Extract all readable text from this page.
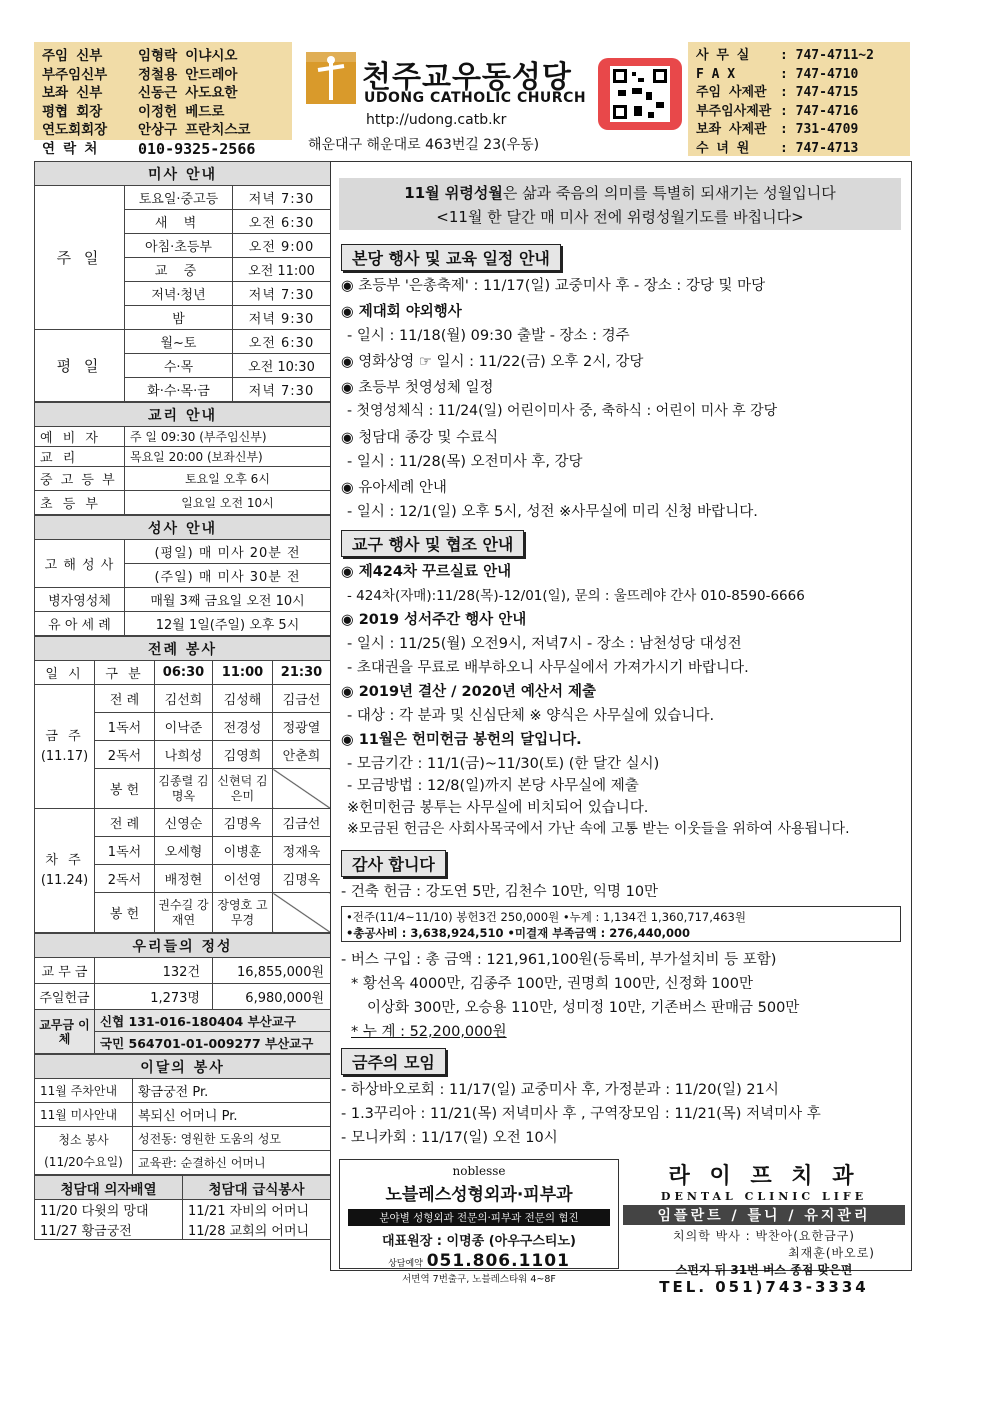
주임 신부	임형락 이냐시오
부주임신부	정철용 안드레아
보좌 신부	신동근 사도요한
평협 회장	이정헌 베드로
연도회회장	안상구 프란치스코
연 락 처	010-9325-2566
천주교우동성당
UDONG CATHOLIC CHURCH
http://udong.catb.kr
해운대구 해운대로 463번길 23(우동)
사 무 실	: 747-4711~2
F A X	: 747-4710
주임 사제관	: 747-4715
부주임사제관 : 747-4716
보좌 사제관	: 731-4709
수 녀 원	: 747-4713
미사 안내		
주 일	토요일·중고등	저녁 7:30
	새 벽	오전 6:30
	아침·초등부	오전 9:00
	교 중	오전 11:00
	저녁·청년	저녁 7:30
	밤	저녁 9:30
평 일	월~토	오전 6:30
	수·목	오전 10:30
	화·수·목·금	저녁 7:30
교리 안내	
예 비 자	주 일 09:30 (부주임신부)
교 리	목요일 20:00 (보좌신부)
중 고 등 부	토요일 오후 6시
초 등 부	일요일 오전 10시
성사 안내	
고 해 성 사	(평일) 매 미사 20분 전
	(주일) 매 미사 30분 전
병자영성체	매월 3째 금요일 오전 10시
유 아 세 례	12월 1일(주일) 오후 5시
전례 봉사				
일 시	구 분	06:30	11:00	21:30
금 주
(11.17)	전 례	김선희	김성해	김금선
	1독서	이낙준	전경성	정광열
	2독서	나희성	김영희	안춘희
	봉 헌	김종렬 김명옥	신현덕 김은미	
차 주
(11.24)	전 례	신영순	김명옥	김금선
	1독서	오세형	이병훈	정재욱
	2독서	배정현	이선영	김명옥
	봉 헌	권수길 강재연	장영호 고무경	
우리들의 정성		
교 무 금	132건	16,855,000원
주일헌금	1,273명	6,980,000원
교무금 이 체	신협 131-016-180404 부산교구	
	국민 564701-01-009277 부산교구	
이달의 봉사	
11월 주차안내	황금궁전 Pr.
11월 미사안내	복되신 어머니 Pr.
청소 봉사 (11/20수요일)	성전동: 영원한 도움의 성모
	교육관: 순결하신 어머니
청담대 의자배열	청담대 급식봉사
11/20 다윗의 망대	11/21 자비의 어머니
11/27 황금궁전	11/28 교회의 어머니
11월 위령성월은 삶과 죽음의 의미를 특별히 되새기는 성월입니다
<11월 한 달간 매 미사 전에 위령성월기도를 바칩니다>
본당 행사 및 교육 일정 안내
◉ 초등부 '은총축제' : 11/17(일) 교중미사 후 - 장소 : 강당 및 마당
◉ 제대회 야외행사
- 일시 : 11/18(월) 09:30 출발 - 장소 : 경주
◉ 영화상영 ☞ 일시 : 11/22(금) 오후 2시, 강당
◉ 초등부 첫영성체 일정
- 첫영성체식 : 11/24(일) 어린이미사 중, 축하식 : 어린이 미사 후 강당
◉ 청담대 종강 및 수료식
- 일시 : 11/28(목) 오전미사 후, 강당
◉ 유아세례 안내
- 일시 : 12/1(일) 오후 5시, 성전 ※사무실에 미리 신청 바랍니다.
교구 행사 및 협조 안내
◉ 제424차 꾸르실료 안내
- 424차(자매):11/28(목)-12/01(일), 문의 : 울뜨레야 간사 010-8590-6666
◉ 2019 성서주간 행사 안내
- 일시 : 11/25(월) 오전9시, 저녁7시 - 장소 : 남천성당 대성전
- 초대권을 무료로 배부하오니 사무실에서 가져가시기 바랍니다.
◉ 2019년 결산 / 2020년 예산서 제출
- 대상 : 각 분과 및 신심단체 ※ 양식은 사무실에 있습니다.
◉ 11월은 헌미헌금 봉헌의 달입니다.
- 모금기간 : 11/1(금)~11/30(토) (한 달간 실시)
- 모금방법 : 12/8(일)까지 본당 사무실에 제출
※헌미헌금 봉투는 사무실에 비치되어 있습니다.
※모금된 헌금은 사회사목국에서 가난 속에 고통 받는 이웃들을 위하여 사용됩니다.
감사 합니다
- 건축 헌금 : 강도연 5만, 김천수 10만, 익명 10만
•전주(11/4~11/10) 봉헌3건 250,000원 •누계 : 1,134건 1,360,717,463원
•총공사비 : 3,638,924,510 •미결재 부족금액 : 276,440,000
- 버스 구입 : 총 금액 : 121,961,100원(등록비, 부가설치비 등 포함)
* 황선옥 4000만, 김종주 100만, 권명희 100만, 신정화 100만
이상화 300만, 오승용 110만, 성미정 10만, 기존버스 판매금 500만
* 누 계 : 52,200,000원
금주의 모임
- 하상바오로회 : 11/17(일) 교중미사 후, 가정분과 : 11/20(일) 21시
- 1.3꾸리아 : 11/21(목) 저녁미사 후 , 구역장모임 : 11/21(목) 저녁미사 후
- 모니카회 : 11/17(일) 오전 10시
noblesse
노블레스성형외과·피부과
분야별 성형외과 전문의·피부과 전문의 협진
대표원장 : 이명종 (아우구스티노)
상담예약 051.806.1101
서면역 7번출구, 노블레스타워 4~8F
라 이 프 치 과
DENTAL CLINIC LIFE
임플란트 / 틀니 / 유지관리
치의학 박사 : 박찬아(요한금구)
최재훈(바오로)
스펀지 뒤 31번 버스 종점 맞은편
TEL. 051)743-3334
